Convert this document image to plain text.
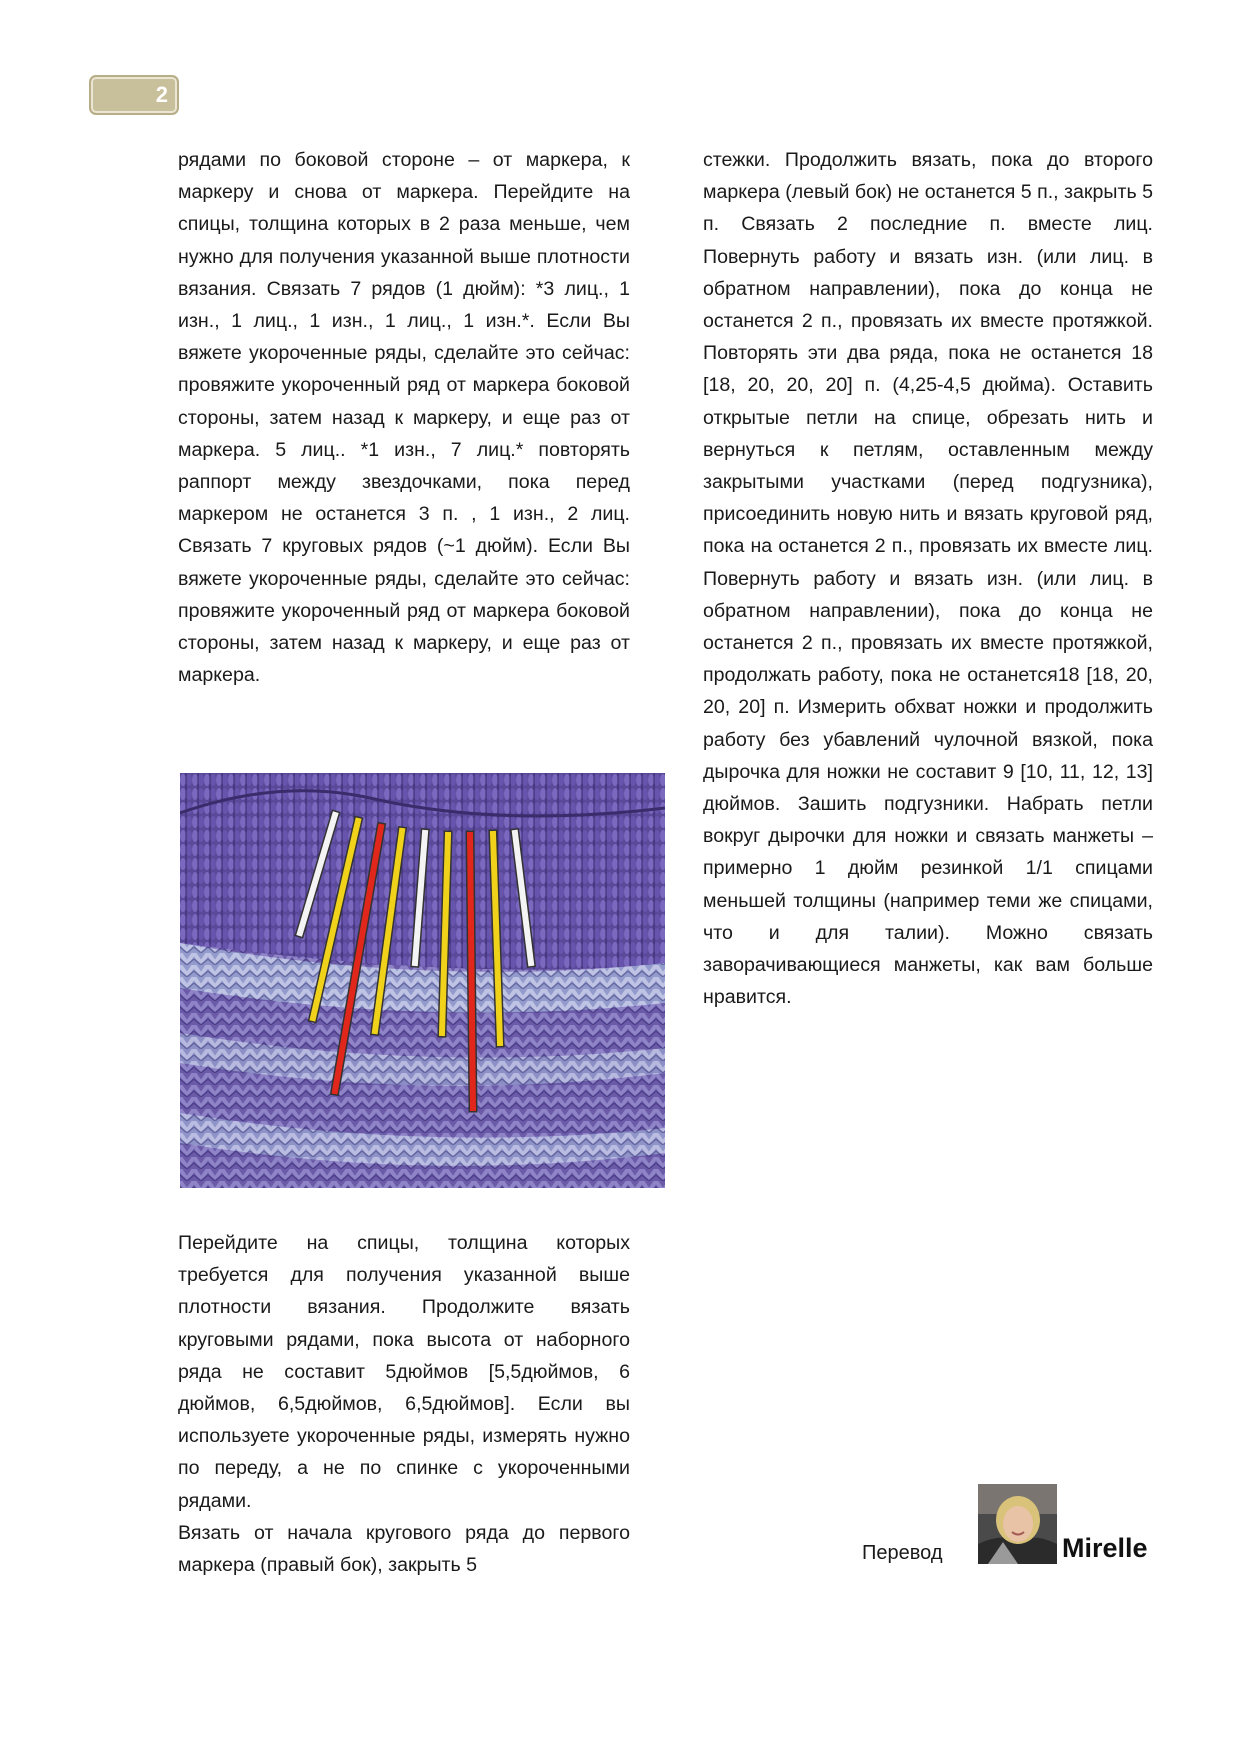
2

рядами по боковой стороне – от маркера, к маркеру и снова от маркера. Перейдите на спицы, толщина которых в 2 раза меньше, чем нужно для получения указанной выше плотности вязания. Связать 7 рядов (1 дюйм): *3 лиц., 1 изн., 1 лиц., 1 изн., 1 лиц., 1 изн.*. Если Вы вяжете укороченные ряды, сделайте это сейчас: провяжите укороченный ряд от маркера боковой стороны, затем назад к маркеру, и еще раз от маркера. 5 лиц.. *1 изн., 7 лиц.* повторять раппорт между звездочками, пока перед маркером не останется 3 п. , 1 изн., 2 лиц. Связать 7 круговых рядов (~1 дюйм). Если Вы вяжете укороченные ряды, сделайте это сейчас: провяжите укороченный ряд от маркера боковой стороны, затем назад к маркеру, и еще раз от маркера.

Перейдите на спицы, толщина которых требуется для получения указанной выше плотности вязания. Продолжите вязать круговыми рядами, пока высота от наборного ряда не составит 5дюймов [5,5дюймов, 6 дюймов, 6,5дюймов, 6,5дюймов]. Если вы используете укороченные ряды, измерять нужно по переду, а не по спинке с укороченными рядами.

Вязать от начала кругового ряда до первого маркера (правый бок), закрыть 5

стежки. Продолжить вязать, пока до второго маркера (левый бок) не останется 5 п., закрыть 5 п. Связать 2 последние п. вместе лиц. Повернуть работу и вязать изн. (или лиц. в обратном направлении), пока до конца не останется 2 п., провязать их вместе протяжкой. Повторять эти два ряда, пока не останется 18 [18, 20, 20, 20] п. (4,25-4,5 дюйма). Оставить открытые петли на спице, обрезать нить и вернуться к петлям, оставленным между закрытыми участками (перед подгузника), присоединить новую нить и вязать круговой ряд, пока на останется 2 п., провязать их вместе лиц. Повернуть работу и вязать изн. (или лиц. в обратном направлении), пока до конца не останется 2 п., провязать их вместе протяжкой, продолжать работу, пока не останется18 [18, 20, 20, 20] п. Измерить обхват ножки и продолжить работу без убавлений чулочной вязкой, пока дырочка для ножки не составит 9 [10, 11, 12, 13] дюймов. Зашить подгузники. Набрать петли вокруг дырочки для ножки и связать манжеты – примерно 1 дюйм резинкой 1/1 спицами меньшей толщины (например теми же спицами, что и для талии). Можно связать заворачивающиеся манжеты, как вам больше нравится.

Перевод	Mirelle
